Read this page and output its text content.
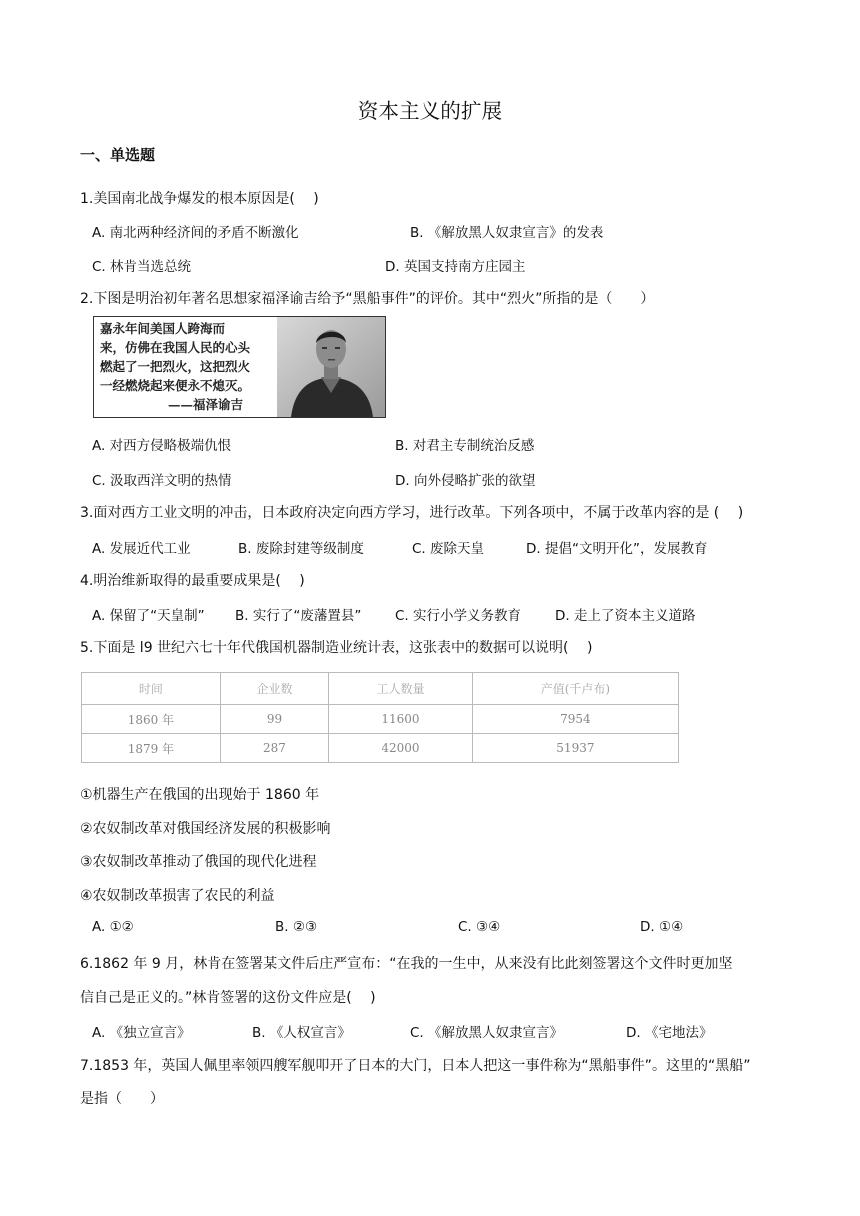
资本主义的扩展
一、单选题
1.美国南北战争爆发的根本原因是(　 )
A. 南北两种经济间的矛盾不断激化	B. 《解放黑人奴隶宣言》的发表
C. 林肯当选总统	D. 英国支持南方庄园主
2.下图是明治初年著名思想家福泽谕吉给予“黑船事件”的评价。其中“烈火”所指的是（　　）
嘉永年间美国人跨海而
来，仿佛在我国人民的心头
燃起了一把烈火，这把烈火
一经燃烧起来便永不熄灭。
——福泽谕吉
A. 对西方侵略极端仇恨	B. 对君主专制统治反感
C. 汲取西洋文明的热情	D. 向外侵略扩张的欲望
3.面对西方工业文明的冲击，日本政府决定向西方学习，进行改革。下列各项中，不属于改革内容的是 (　 )
A. 发展近代工业	B. 废除封建等级制度	C. 废除天皇	D. 提倡“文明开化”，发展教育
4.明治维新取得的最重要成果是(　 )
A. 保留了“天皇制” B. 实行了“废藩置县” C. 实行小学义务教育	D. 走上了资本主义道路
5.下面是 l9 世纪六七十年代俄国机器制造业统计表，这张表中的数据可以说明(　 )
时间	企业数	工人数量	产值(千卢布)
1860 年	99	11600	7954
1879 年	287	42000	51937
①机器生产在俄国的出现始于 1860 年
②农奴制改革对俄国经济发展的积极影响
③农奴制改革推动了俄国的现代化进程
④农奴制改革损害了农民的利益
A. ①②	B. ②③	C. ③④	D. ①④
6.1862 年 9 月，林肯在签署某文件后庄严宣布：“在我的一生中，从来没有比此刻签署这个文件时更加坚
信自己是正义的。”林肯签署的这份文件应是(　 )
A. 《独立宣言》	B. 《人权宣言》	C. 《解放黑人奴隶宣言》	D. 《宅地法》
7.1853 年，英国人佩里率领四艘军舰叩开了日本的大门，日本人把这一事件称为“黑船事件”。这里的“黑船”
是指（　　）
